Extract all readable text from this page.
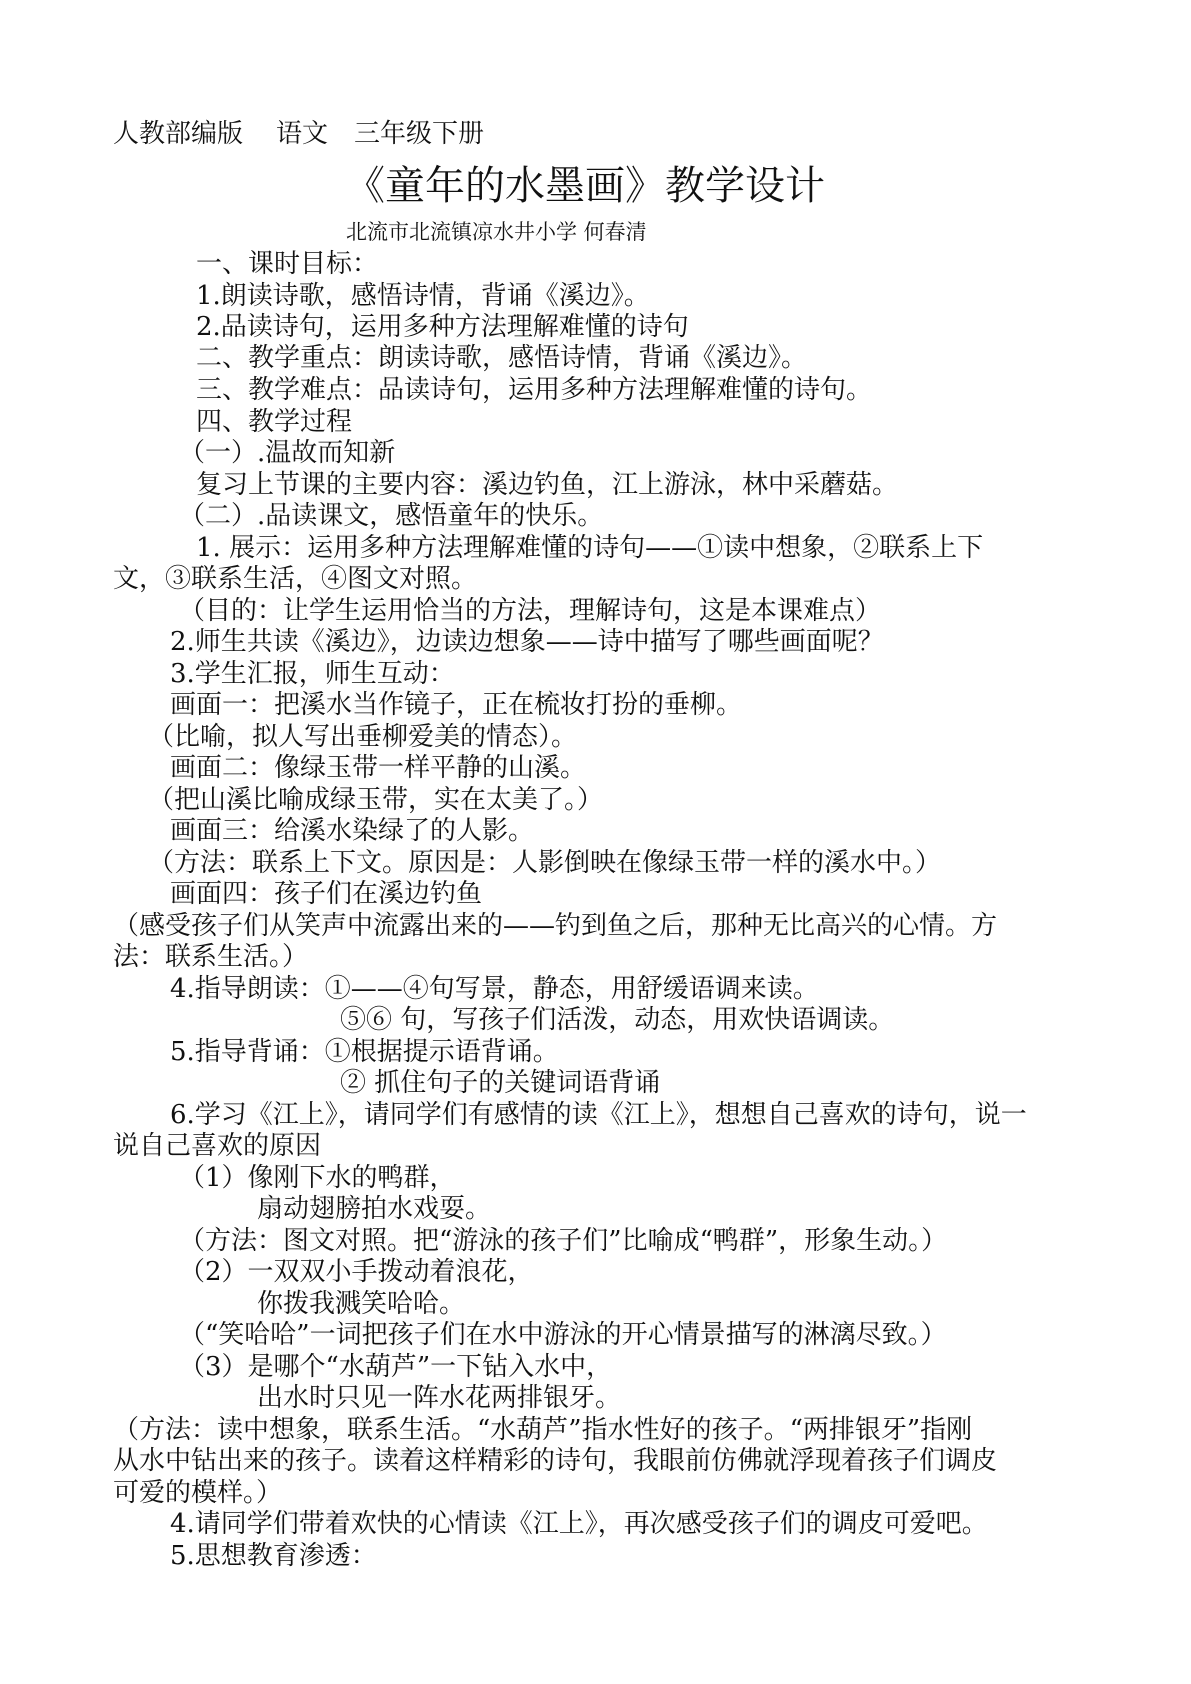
人教部编版 语文 三年级下册
《童年的水墨画》教学设计
北流市北流镇凉水井小学 何春清
一、课时目标：
1.朗读诗歌，感悟诗情，背诵《溪边》。
2.品读诗句，运用多种方法理解难懂的诗句
二、教学重点：朗读诗歌，感悟诗情，背诵《溪边》。
三、教学难点：品读诗句，运用多种方法理解难懂的诗句。
四、教学过程
（一）.温故而知新
复习上节课的主要内容：溪边钓鱼，江上游泳，林中采蘑菇。
（二）.品读课文，感悟童年的快乐。
1. 展示：运用多种方法理解难懂的诗句——①读中想象，②联系上下
文，③联系生活，④图文对照。
（目的：让学生运用恰当的方法，理解诗句，这是本课难点）
2.师生共读《溪边》，边读边想象——诗中描写了哪些画面呢？
3.学生汇报，师生互动：
画面一：把溪水当作镜子，正在梳妆打扮的垂柳。
（比喻，拟人写出垂柳爱美的情态）。
画面二：像绿玉带一样平静的山溪。
（把山溪比喻成绿玉带，实在太美了。）
画面三：给溪水染绿了的人影。
（方法：联系上下文。原因是：人影倒映在像绿玉带一样的溪水中。）
画面四：孩子们在溪边钓鱼
（感受孩子们从笑声中流露出来的——钓到鱼之后，那种无比高兴的心情。方
法：联系生活。）
4.指导朗读：①——④句写景，静态，用舒缓语调来读。
⑤⑥ 句，写孩子们活泼，动态，用欢快语调读。
5.指导背诵：①根据提示语背诵。
② 抓住句子的关键词语背诵
6.学习《江上》，请同学们有感情的读《江上》，想想自己喜欢的诗句，说一
说自己喜欢的原因
（1）像刚下水的鸭群，
扇动翅膀拍水戏耍。
（方法：图文对照。把“游泳的孩子们”比喻成“鸭群”，形象生动。）
（2）一双双小手拨动着浪花，
你拨我溅笑哈哈。
（“笑哈哈”一词把孩子们在水中游泳的开心情景描写的淋漓尽致。）
（3）是哪个“水葫芦”一下钻入水中，
出水时只见一阵水花两排银牙。
（方法：读中想象，联系生活。“水葫芦”指水性好的孩子。“两排银牙”指刚
从水中钻出来的孩子。读着这样精彩的诗句，我眼前仿佛就浮现着孩子们调皮
可爱的模样。）
4.请同学们带着欢快的心情读《江上》，再次感受孩子们的调皮可爱吧。
5.思想教育渗透：
